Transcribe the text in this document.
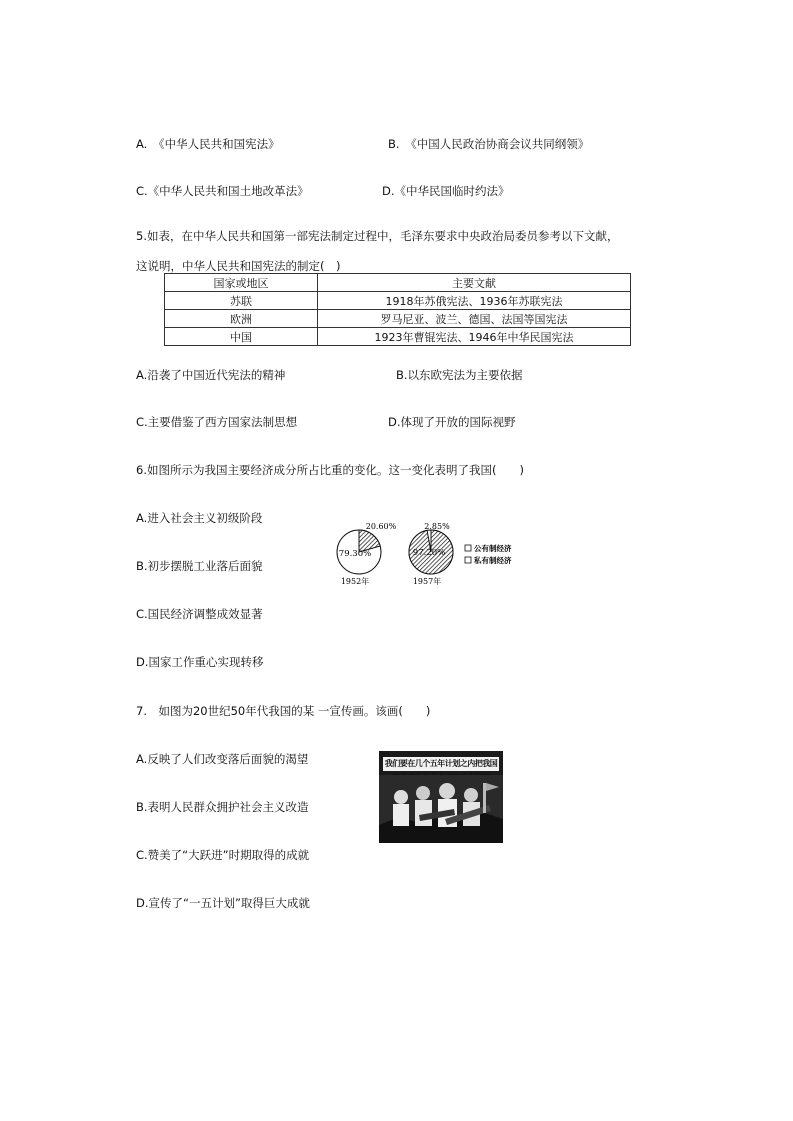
A.　《中华人民共和国宪法》	B.　《中国人民政治协商会议共同纲领》
C.《中华人民共和国土地改革法》	D.《中华民国临时约法》
5.如表，在中华人民共和国第一部宪法制定过程中，毛泽东要求中央政治局委员参考以下文献，
这说明，中华人民共和国宪法的制定(　)
国家或地区	主要文献
苏联	1918年苏俄宪法、1936年苏联宪法
欧洲	罗马尼亚、波兰、德国、法国等国宪法
中国	1923年曹锟宪法、1946年中华民国宪法
A.沿袭了中国近代宪法的精神	B.以东欧宪法为主要依据
C.主要借鉴了西方国家法制思想	D.体现了开放的国际视野
6.如图所示为我国主要经济成分所占比重的变化。这一变化表明了我国(　　)
A.进入社会主义初级阶段
B.初步摆脱工业落后面貌
C.国民经济调整成效显著
D.国家工作重心实现转移
20.60%
79.30%
1952年
2.85%
97.20%
1957年
公有制经济
私有制经济
7.　如图为20世纪50年代我国的某 一宣传画。该画(　　)
A.反映了人们改变落后面貌的渴望
B.表明人民群众拥护社会主义改造
C.赞美了“大跃进”时期取得的成就
D.宣传了“一五计划”取得巨大成就
我们要在几个五年计划之内把我国
